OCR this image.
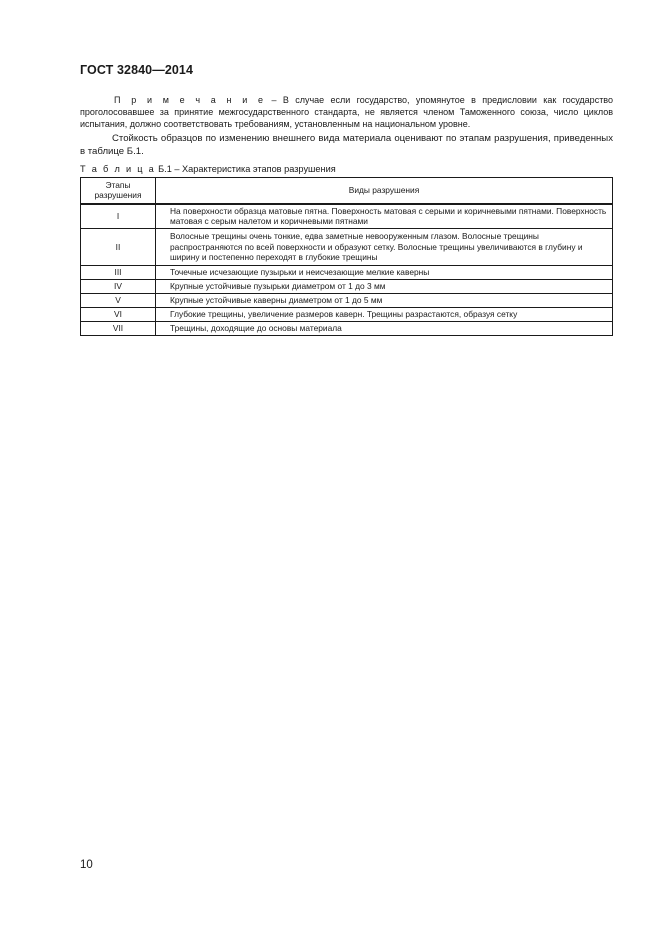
ГОСТ 32840—2014
П р и м е ч а н и е – В случае если государство, упомянутое в предисловии как государство проголосовавшее за принятие межгосударственного стандарта, не является членом Таможенного союза, число циклов испытания, должно соответствовать требованиям, установленным на национальном уровне.
Стойкость образцов по изменению внешнего вида материала оценивают по этапам разрушения, приведенных в таблице Б.1.
Т а б л и ц а Б.1 – Характеристика этапов разрушения
Этапы разрушения	Виды разрушения
I	На поверхности образца матовые пятна. Поверхность матовая с серыми и коричневыми пятнами. Поверхность матовая с серым налетом и коричневыми пятнами
II	Волосные трещины очень тонкие, едва заметные невооруженным глазом. Волосные трещины распространяются по всей поверхности и образуют сетку. Волосные трещины увеличиваются в глубину и ширину и постепенно переходят в глубокие трещины
III	Точечные исчезающие пузырьки и неисчезающие мелкие каверны
IV	Крупные устойчивые пузырьки диаметром от 1 до 3 мм
V	Крупные устойчивые каверны диаметром от 1 до 5 мм
VI	Глубокие трещины, увеличение размеров каверн. Трещины разрастаются, образуя сетку
VII	Трещины, доходящие до основы материала
10
